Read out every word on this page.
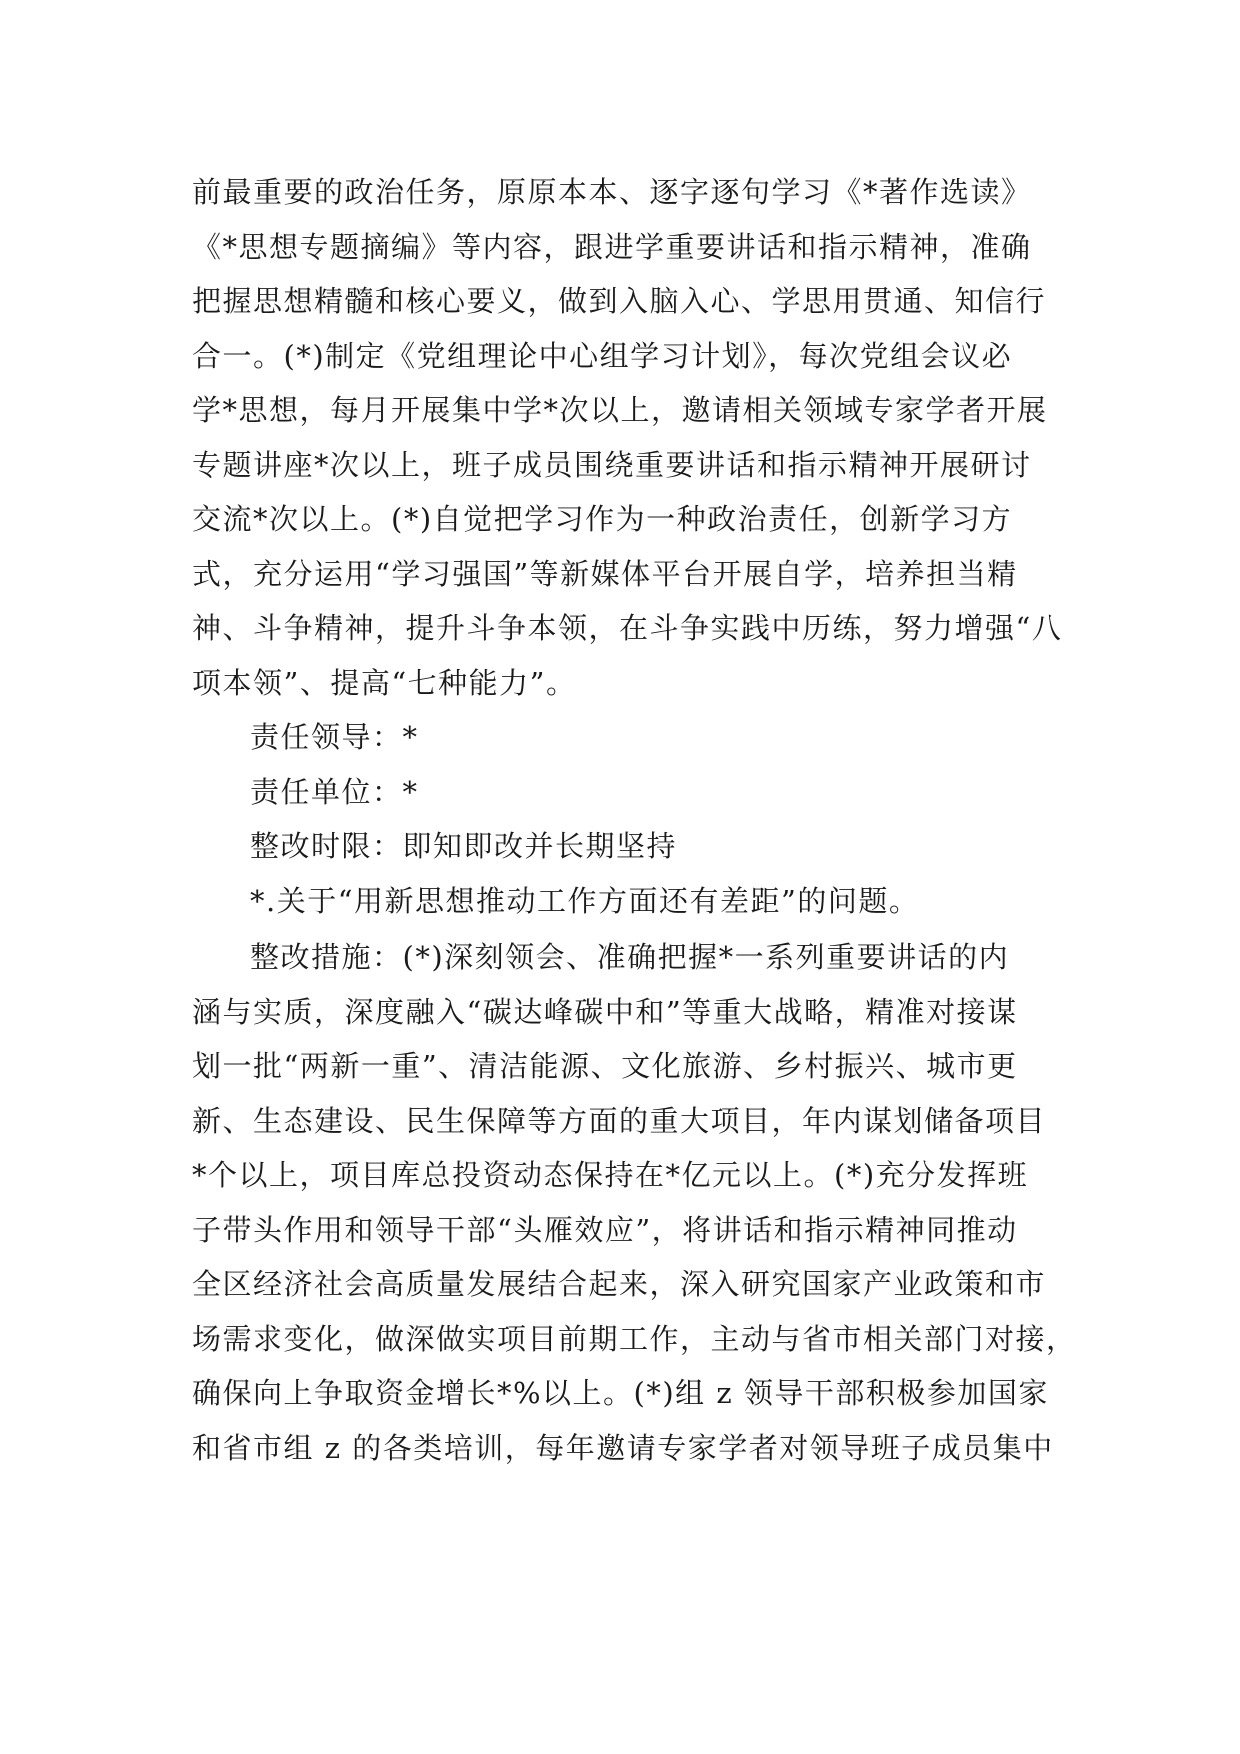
前最重要的政治任务，原原本本、逐字逐句学习《*著作选读》
《*思想专题摘编》等内容，跟进学重要讲话和指示精神，准确
把握思想精髓和核心要义，做到入脑入心、学思用贯通、知信行
合一。(*)制定《党组理论中心组学习计划》，每次党组会议必
学*思想，每月开展集中学*次以上，邀请相关领域专家学者开展
专题讲座*次以上，班子成员围绕重要讲话和指示精神开展研讨
交流*次以上。(*)自觉把学习作为一种政治责任，创新学习方
式，充分运用“学习强国”等新媒体平台开展自学，培养担当精
神、斗争精神，提升斗争本领，在斗争实践中历练，努力增强“八
项本领”、提高“七种能力”。
责任领导：*
责任单位：*
整改时限：即知即改并长期坚持
*.关于“用新思想推动工作方面还有差距”的问题。
整改措施：(*)深刻领会、准确把握*一系列重要讲话的内
涵与实质，深度融入“碳达峰碳中和”等重大战略，精准对接谋
划一批“两新一重”、清洁能源、文化旅游、乡村振兴、城市更
新、生态建设、民生保障等方面的重大项目，年内谋划储备项目
*个以上，项目库总投资动态保持在*亿元以上。(*)充分发挥班
子带头作用和领导干部“头雁效应”，将讲话和指示精神同推动
全区经济社会高质量发展结合起来，深入研究国家产业政策和市
场需求变化，做深做实项目前期工作，主动与省市相关部门对接，
确保向上争取资金增长*%以上。(*)组 z 领导干部积极参加国家
和省市组 z 的各类培训，每年邀请专家学者对领导班子成员集中
